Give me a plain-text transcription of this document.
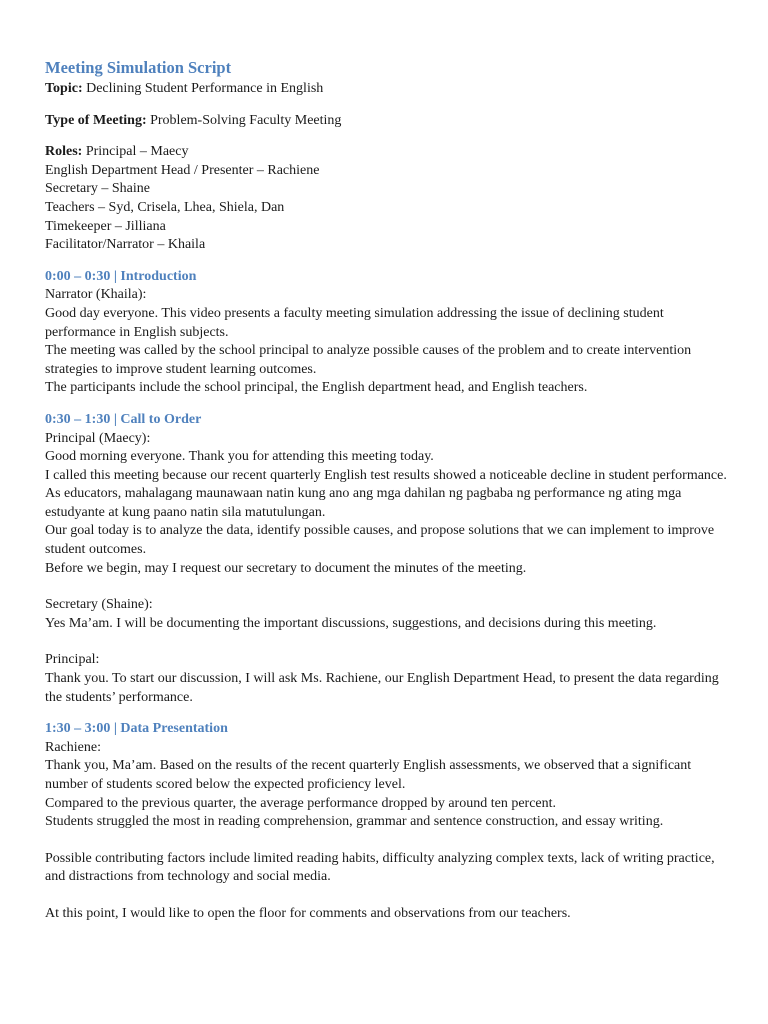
Meeting Simulation Script

Topic: Declining Student Performance in English

Type of Meeting: Problem-Solving Faculty Meeting

Roles: Principal – Maecy
English Department Head / Presenter – Rachiene
Secretary – Shaine
Teachers – Syd, Crisela, Lhea, Shiela, Dan
Timekeeper – Jilliana
Facilitator/Narrator – Khaila
0:00 – 0:30 | Introduction
Narrator (Khaila):
Good day everyone. This video presents a faculty meeting simulation addressing the issue of declining student performance in English subjects.
The meeting was called by the school principal to analyze possible causes of the problem and to create intervention strategies to improve student learning outcomes.
The participants include the school principal, the English department head, and English teachers.
0:30 – 1:30 | Call to Order
Principal (Maecy):
Good morning everyone. Thank you for attending this meeting today.
I called this meeting because our recent quarterly English test results showed a noticeable decline in student performance.
As educators, mahalagang maunawaan natin kung ano ang mga dahilan ng pagbaba ng performance ng ating mga estudyante at kung paano natin sila matutulungan.
Our goal today is to analyze the data, identify possible causes, and propose solutions that we can implement to improve student outcomes.
Before we begin, may I request our secretary to document the minutes of the meeting.
Secretary (Shaine):
Yes Ma’am. I will be documenting the important discussions, suggestions, and decisions during this meeting.
Principal:
Thank you. To start our discussion, I will ask Ms. Rachiene, our English Department Head, to present the data regarding the students’ performance.
1:30 – 3:00 | Data Presentation
Rachiene:
Thank you, Ma’am. Based on the results of the recent quarterly English assessments, we observed that a significant number of students scored below the expected proficiency level.
Compared to the previous quarter, the average performance dropped by around ten percent.
Students struggled the most in reading comprehension, grammar and sentence construction, and essay writing.
Possible contributing factors include limited reading habits, difficulty analyzing complex texts, lack of writing practice, and distractions from technology and social media.
At this point, I would like to open the floor for comments and observations from our teachers.
